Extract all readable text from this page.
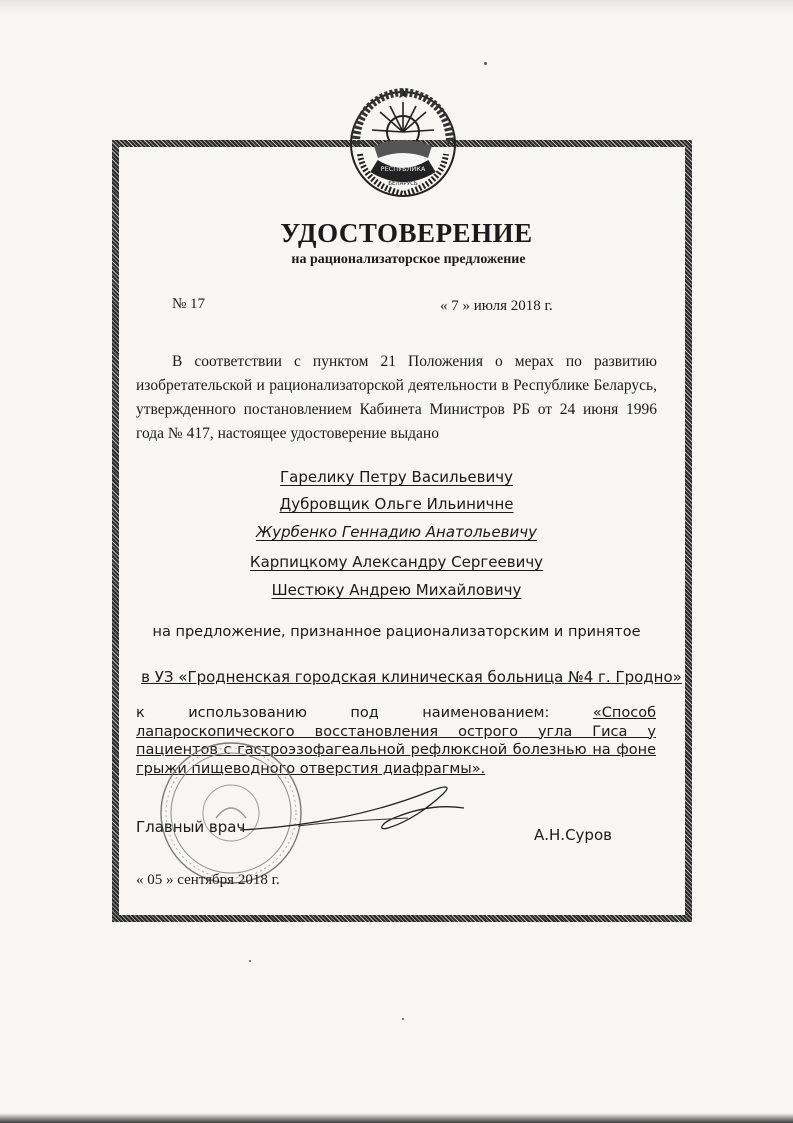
РЕСПУБЛИКА
БЕЛАРУСЬ
УДОСТОВЕРЕНИЕ
на рационализаторское предложение
№ 17	« 7 » июля 2018 г.
В соответствии с пунктом 21 Положения о мерах по развитию изобретательской и рационализаторской деятельности в Республике Беларусь, утвержденного постановлением Кабинета Министров РБ от 24 июня 1996 года № 417, настоящее удостоверение выдано
Гарелику Петру Васильевичу
Дубровщик Ольге Ильиничне
Журбенко Геннадию Анатольевичу
Карпицкому Александру Сергеевичу
Шестюку Андрею Михайловичу
на предложение, признанное рационализаторским и принятое
в УЗ «Гродненская городская клиническая больница №4 г. Гродно»
к использованию под наименованием:	«Способ лапароскопического восстановления острого угла Гиса у пациентов с гастроэзофагеальной рефлюксной болезнью на фоне грыжи пищеводного отверстия диафрагмы».
Главный врач	А.Н.Суров
« 05 » сентября 2018 г.
